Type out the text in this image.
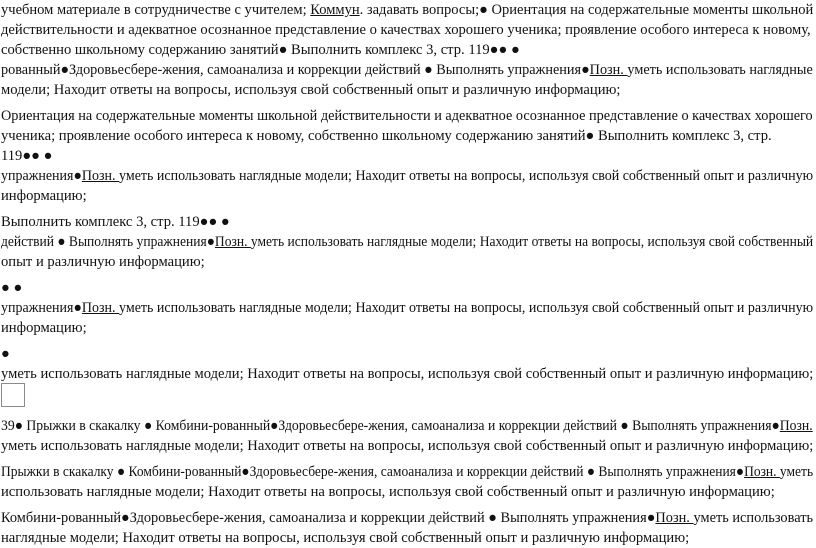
учебном материале в сотрудничестве с учителем; Коммун. задавать вопросы;● Ориентация на содержательные моменты школьной
действительности и адекватное осознанное представление о качествах хорошего ученика; проявление особого интереса к новому,
собственно школьному содержанию занятий● Выполнить комплекс 3, стр. 119●● ●
рованный●Здоровьесбере-жения, самоанализа и коррекции действий ● Выполнять упражнения●Позн. уметь использовать наглядные
модели; Находит ответы на вопросы, используя свой собственный опыт и различную информацию;
Ориентация на содержательные моменты школьной действительности и адекватное осознанное представление о качествах хорошего
ученика; проявление особого интереса к новому, собственно школьному содержанию занятий● Выполнить комплекс 3, стр.
119●● ●
упражнения●Позн. уметь использовать наглядные модели; Находит ответы на вопросы, используя свой собственный опыт и различную
информацию;
Выполнить комплекс 3, стр. 119●● ●
действий ● Выполнять упражнения●Позн. уметь использовать наглядные модели; Находит ответы на вопросы, используя свой собственный
опыт и различную информацию;
● ●
упражнения●Позн. уметь использовать наглядные модели; Находит ответы на вопросы, используя свой собственный опыт и различную
информацию;
●
уметь использовать наглядные модели; Находит ответы на вопросы, используя свой собственный опыт и различную информацию;
39● Прыжки в скакалку ● Комбини-рованный●Здоровьесбере-жения, самоанализа и коррекции действий ● Выполнять упражнения●Позн.
уметь использовать наглядные модели; Находит ответы на вопросы, используя свой собственный опыт и различную информацию;
Прыжки в скакалку ● Комбини-рованный●Здоровьесбере-жения, самоанализа и коррекции действий ● Выполнять упражнения●Позн. уметь
использовать наглядные модели; Находит ответы на вопросы, используя свой собственный опыт и различную информацию;
Комбини-рованный●Здоровьесбере-жения, самоанализа и коррекции действий ● Выполнять упражнения●Позн. уметь использовать
наглядные модели; Находит ответы на вопросы, используя свой собственный опыт и различную информацию;
